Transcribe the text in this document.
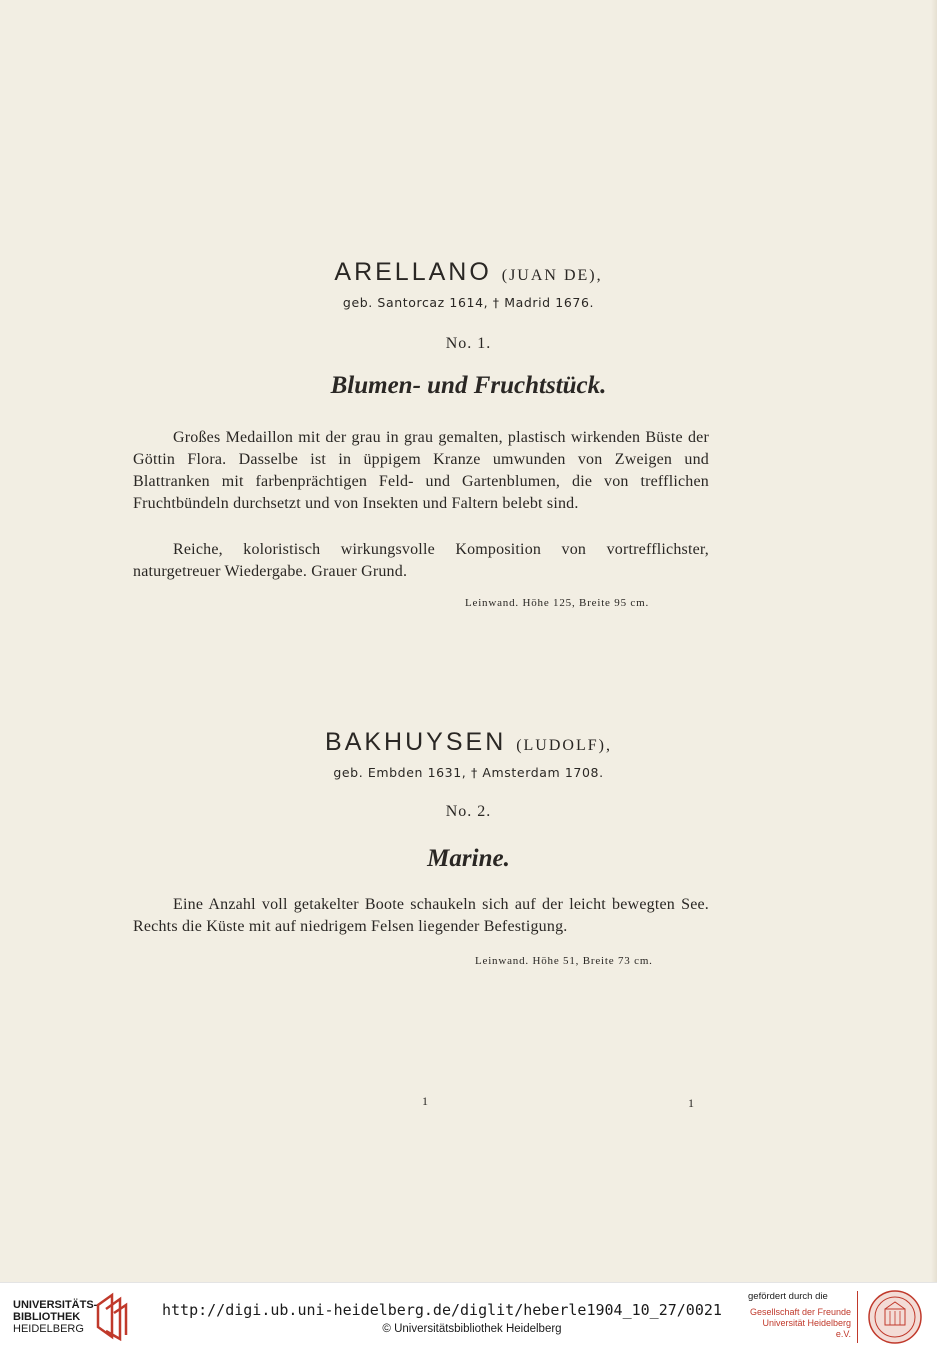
ARELLANO (JUAN DE),
geb. Santorcaz 1614, † Madrid 1676.
No. 1.
Blumen- und Fruchtstück.

Großes Medaillon mit der grau in grau gemalten, plastisch wirkenden Büste der Göttin Flora. Dasselbe ist in üppigem Kranze umwunden von Zweigen und Blattranken mit farbenprächtigen Feld- und Gartenblumen, die von trefflichen Fruchtbündeln durchsetzt und von Insekten und Faltern belebt sind.

Reiche, koloristisch wirkungsvolle Komposition von vortrefflichster, naturgetreuer Wiedergabe. Grauer Grund.

Leinwand. Höhe 125, Breite 95 cm.
BAKHUYSEN (LUDOLF),
geb. Embden 1631, † Amsterdam 1708.
No. 2.
Marine.

Eine Anzahl voll getakelter Boote schaukeln sich auf der leicht bewegten See. Rechts die Küste mit auf niedrigem Felsen liegender Befestigung.

Leinwand. Höhe 51, Breite 73 cm.
1	1
UNIVERSITÄTS-
BIBLIOTHEK
HEIDELBERG
http://digi.ub.uni-heidelberg.de/diglit/heberle1904_10_27/0021
© Universitätsbibliothek Heidelberg
gefördert durch die
Gesellschaft der Freunde
Universität Heidelberg e.V.
